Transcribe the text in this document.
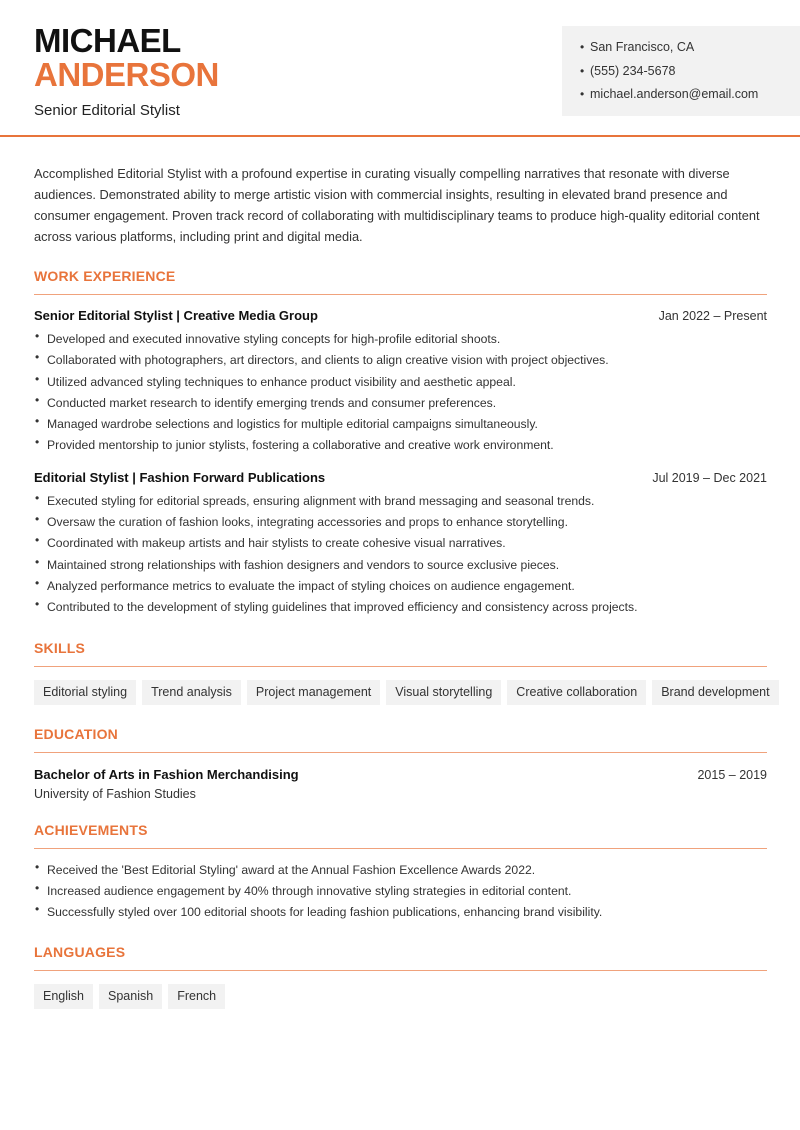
MICHAEL
ANDERSON
Senior Editorial Stylist
• San Francisco, CA
• (555) 234-5678
• michael.anderson@email.com

Accomplished Editorial Stylist with a profound expertise in curating visually compelling narratives that resonate with diverse audiences. Demonstrated ability to merge artistic vision with commercial insights, resulting in elevated brand presence and consumer engagement. Proven track record of collaborating with multidisciplinary teams to produce high-quality editorial content across various platforms, including print and digital media.

WORK EXPERIENCE
Senior Editorial Stylist | Creative Media Group	Jan 2022 – Present
• Developed and executed innovative styling concepts for high-profile editorial shoots.
• Collaborated with photographers, art directors, and clients to align creative vision with project objectives.
• Utilized advanced styling techniques to enhance product visibility and aesthetic appeal.
• Conducted market research to identify emerging trends and consumer preferences.
• Managed wardrobe selections and logistics for multiple editorial campaigns simultaneously.
• Provided mentorship to junior stylists, fostering a collaborative and creative work environment.
Editorial Stylist | Fashion Forward Publications	Jul 2019 – Dec 2021
• Executed styling for editorial spreads, ensuring alignment with brand messaging and seasonal trends.
• Oversaw the curation of fashion looks, integrating accessories and props to enhance storytelling.
• Coordinated with makeup artists and hair stylists to create cohesive visual narratives.
• Maintained strong relationships with fashion designers and vendors to source exclusive pieces.
• Analyzed performance metrics to evaluate the impact of styling choices on audience engagement.
• Contributed to the development of styling guidelines that improved efficiency and consistency across projects.
SKILLS
Editorial styling	Trend analysis	Project management	Visual storytelling	Creative collaboration	Brand development
EDUCATION
Bachelor of Arts in Fashion Merchandising	2015 – 2019
University of Fashion Studies
ACHIEVEMENTS
• Received the 'Best Editorial Styling' award at the Annual Fashion Excellence Awards 2022.
• Increased audience engagement by 40% through innovative styling strategies in editorial content.
• Successfully styled over 100 editorial shoots for leading fashion publications, enhancing brand visibility.
LANGUAGES
English	Spanish	French
